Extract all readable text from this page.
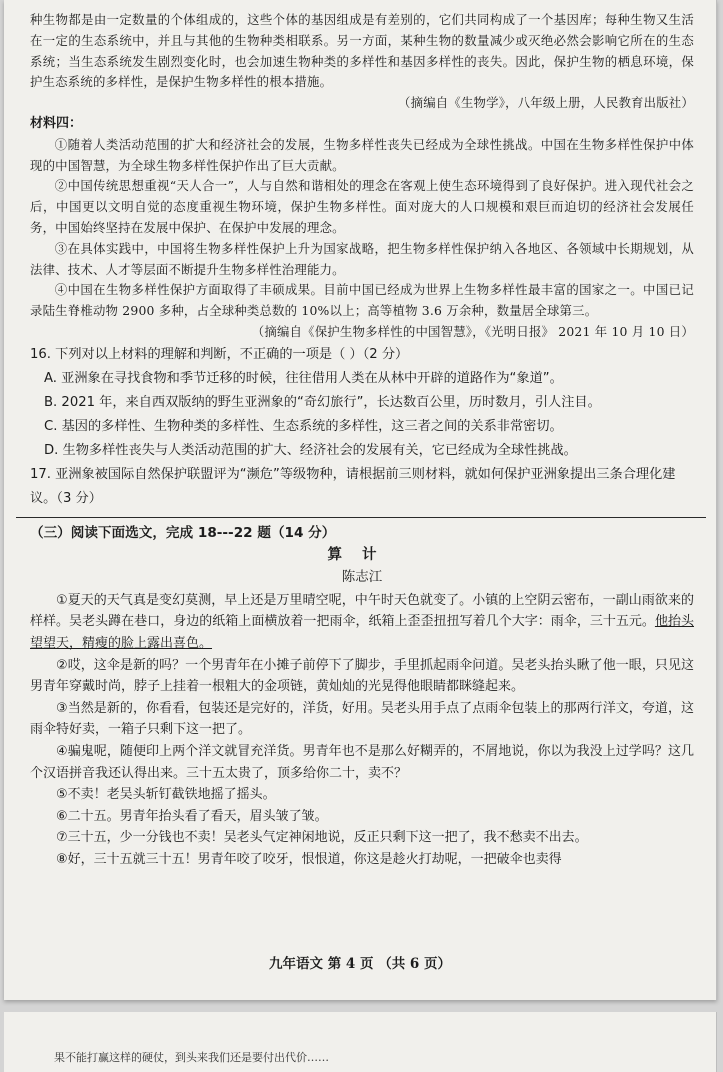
种生物都是由一定数量的个体组成的，这些个体的基因组成是有差别的，它们共同构成了一个基因库；每种生物又生活在一定的生态系统中，并且与其他的生物种类相联系。另一方面，某种生物的数量减少或灭绝必然会影响它所在的生态系统；当生态系统发生剧烈变化时，也会加速生物种类的多样性和基因多样性的丧失。因此，保护生物的栖息环境，保护生态系统的多样性，是保护生物多样性的根本措施。

（摘编自《生物学》，八年级上册，人民教育出版社）

材料四：

①随着人类活动范围的扩大和经济社会的发展，生物多样性丧失已经成为全球性挑战。中国在生物多样性保护中体现的中国智慧，为全球生物多样性保护作出了巨大贡献。

②中国传统思想重视“天人合一”，人与自然和谐相处的理念在客观上使生态环境得到了良好保护。进入现代社会之后，中国更以文明自觉的态度重视生物环境，保护生物多样性。面对庞大的人口规模和艰巨而迫切的经济社会发展任务，中国始终坚持在发展中保护、在保护中发展的理念。

③在具体实践中，中国将生物多样性保护上升为国家战略，把生物多样性保护纳入各地区、各领域中长期规划，从法律、技术、人才等层面不断提升生物多样性治理能力。

④中国在生物多样性保护方面取得了丰硕成果。目前中国已经成为世界上生物多样性最丰富的国家之一。中国已记录陆生脊椎动物 2900 多种，占全球种类总数的 10%以上；高等植物 3.6 万余种，数量居全球第三。

（摘编自《保护生物多样性的中国智慧》，《光明日报》 2021 年 10 月 10 日）

16. 下列对以上材料的理解和判断，不正确的一项是（ ）（2 分）

A. 亚洲象在寻找食物和季节迁移的时候，往往借用人类在从林中开辟的道路作为“象道”。

B. 2021 年，来自西双版纳的野生亚洲象的“奇幻旅行”，长达数百公里，历时数月，引人注目。

C. 基因的多样性、生物种类的多样性、生态系统的多样性，这三者之间的关系非常密切。

D. 生物多样性丧失与人类活动范围的扩大、经济社会的发展有关，它已经成为全球性挑战。

17. 亚洲象被国际自然保护联盟评为“濒危”等级物种，请根据前三则材料，就如何保护亚洲象提出三条合理化建议。（3 分）

（三）阅读下面选文，完成 18---22 题（14 分）

算计

陈志江

①夏天的天气真是变幻莫测，早上还是万里晴空呢，中午时天色就变了。小镇的上空阴云密布，一副山雨欲来的样样。吴老头蹲在巷口，身边的纸箱上面横放着一把雨伞，纸箱上歪歪扭扭写着几个大字：雨伞，三十五元。他抬头望望天，精瘦的脸上露出喜色。

②哎，这伞是新的吗？一个男青年在小摊子前停下了脚步，手里抓起雨伞问道。吴老头抬头瞅了他一眼，只见这男青年穿戴时尚，脖子上挂着一根粗大的金项链，黄灿灿的光晃得他眼睛都眯缝起来。

③当然是新的，你看看，包装还是完好的，洋货，好用。吴老头用手点了点雨伞包装上的那两行洋文，夸道，这雨伞特好卖，一箱子只剩下这一把了。

④骗鬼呢，随便印上两个洋文就冒充洋货。男青年也不是那么好糊弄的，不屑地说，你以为我没上过学吗？这几个汉语拼音我还认得出来。三十五太贵了，顶多给你二十，卖不？

⑤不卖！老吴头斩钉截铁地摇了摇头。

⑥二十五。男青年抬头看了看天，眉头皱了皱。

⑦三十五，少一分钱也不卖！吴老头气定神闲地说，反正只剩下这一把了，我不愁卖不出去。

⑧好，三十五就三十五！男青年咬了咬牙，恨恨道，你这是趁火打劫呢，一把破伞也卖得

九年语文 第 4 页 （共 6 页）
果不能打赢这样的硬仗，到头来我们还是要付出代价……
